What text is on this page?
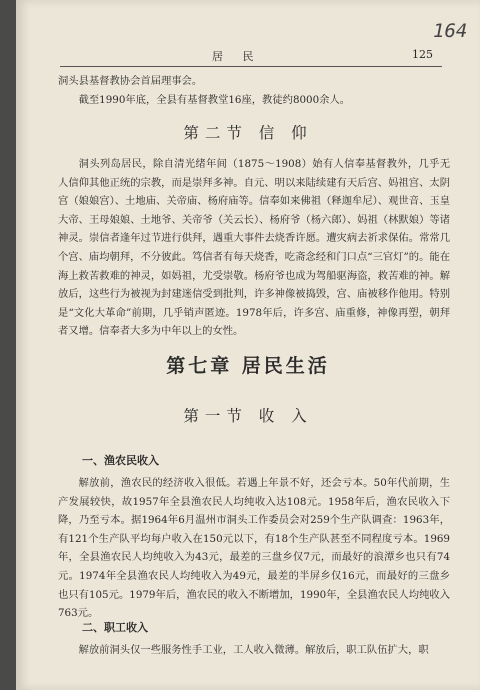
164
居 民	125

洞头县基督教协会首届理事会。

截至1990年底，全县有基督教堂16座，教徒约8000余人。

第二节 信 仰

洞头列岛居民，除自清光绪年间（1875～1908）始有人信奉基督教外，几乎无人信仰其他正统的宗教，而是崇拜多神。自元、明以来陆续建有天后宫、妈祖宫、太阴宫（娘娘宫）、土地庙、关帝庙、杨府庙等。信奉如来佛祖（释迦牟尼）、观世音、玉皇大帝、王母娘娘、土地爷、关帝爷（关云长）、杨府爷（杨六郎）、妈祖（林默娘）等诸神灵。崇信者逢年过节进行供拜，遇重大事件去烧香许愿。遭灾病去祈求保佑。常常几个宫、庙均朝拜，不分彼此。笃信者有每天烧香，吃斋念经和门口点“三官灯”的。能在海上救苦救难的神灵，如妈祖，尤受崇敬。杨府爷也成为驾船驱海盗，救苦难的神。解放后，这些行为被视为封建迷信受到批判，许多神像被捣毁，宫、庙被移作他用。特别是“文化大革命”前期，几乎销声匿迹。1978年后，许多宫、庙重修，神像再塑，朝拜者又增。信奉者大多为中年以上的女性。

第七章 居民生活
第一节 收 入
一、渔农民收入

解放前，渔农民的经济收入很低。若遇上年景不好，还会亏本。50年代前期，生产发展较快，故1957年全县渔农民人均纯收入达108元。1958年后，渔农民收入下降，乃至亏本。据1964年6月温州市洞头工作委员会对259个生产队调查：1963年，有121个生产队平均每户收入在150元以下，有18个生产队甚至不同程度亏本。1969年，全县渔农民人均纯收入为43元，最差的三盘乡仅7元，而最好的浪潭乡也只有74元。1974年全县渔农民人均纯收入为49元，最差的半屏乡仅16元，而最好的三盘乡也只有105元。1979年后，渔农民的收入不断增加，1990年，全县渔农民人均纯收入763元。

二、职工收入

解放前洞头仅一些服务性手工业，工人收入微薄。解放后，职工队伍扩大，职
